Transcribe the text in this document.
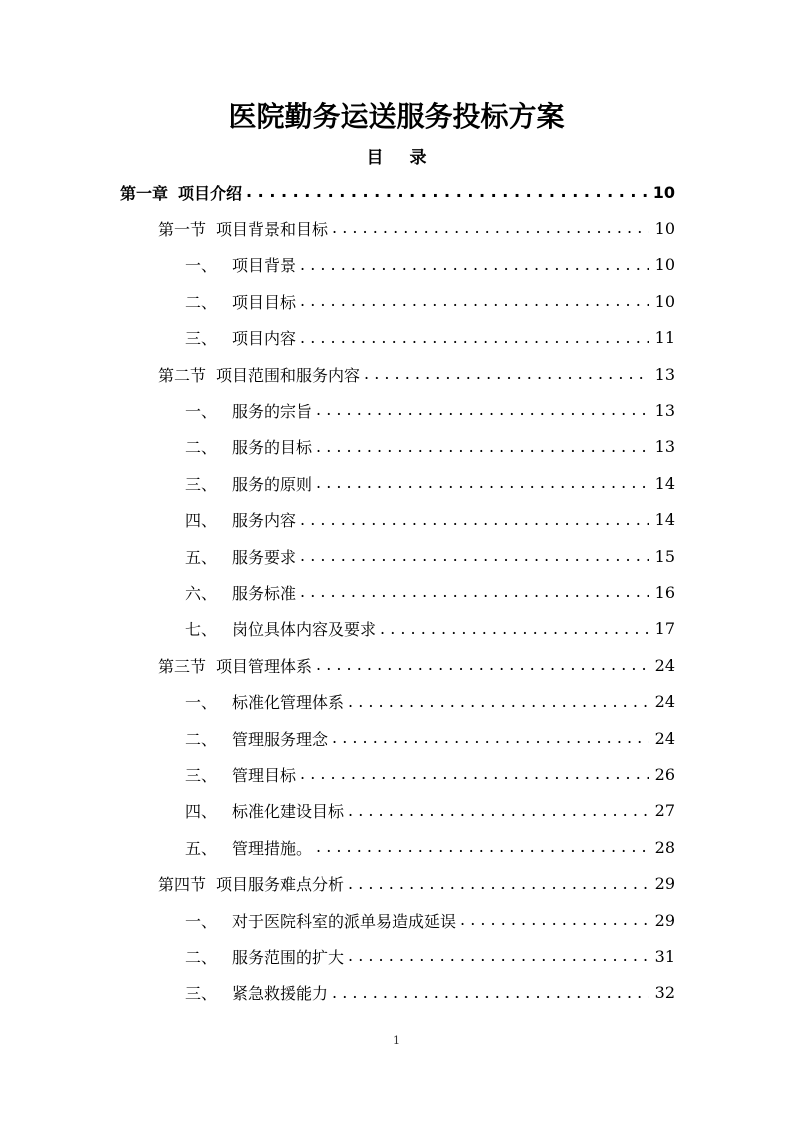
医院勤务运送服务投标方案
目 录
第一章 项目介绍 . . .	10
第一节 项目背景和目标 . . .	10
一、 项目背景 . . .	10
二、 项目目标 . . .	10
三、 项目内容 . . .	11
第二节 项目范围和服务内容 . . .	13
一、 服务的宗旨 . . .	13
二、 服务的目标 . . .	13
三、 服务的原则 . . .	14
四、 服务内容 . . .	14
五、 服务要求 . . .	15
六、 服务标准 . . .	16
七、 岗位具体内容及要求 . . .	17
第三节 项目管理体系 . . .	24
一、 标准化管理体系 . . .	24
二、 管理服务理念 . . .	24
三、 管理目标 . . .	26
四、 标准化建设目标 . . .	27
五、 管理措施。 . . .	28
第四节 项目服务难点分析 . . .	29
一、 对于医院科室的派单易造成延误 . . .	29
二、 服务范围的扩大 . . .	31
三、 紧急救援能力 . . .	32
1
